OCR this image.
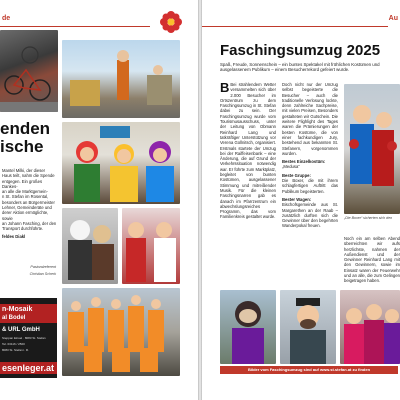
de
enden
ische
Mantel Milki, der dieser
Haus teilt, nahm die Spende
entgegen. Ein großes Dankes-
an alle die Marktgemein-
n St. Stefan im Rosental,
besonders an Bürgermeister
Lehner, Gemeinderäte und
derer Aktion ermöglichte, sowie
an Johann Fasching, der den
Transport durchführte.
feldes Diakl
Pastoralreferent
Christian Scherk
n-Mosaik
al Bodel
& URL GmbH
Steppan Einsel · 8083 St. Stefan
Tel. 03116 / 2500
8083 St. Stefan i. R.
esenleger.at
Au
Faschingsumzug 2025
Spaß, Freude, Sonnenschein – ein buntes Spektakel mit fröhlichen Kostümen und ausgelassenem Publikum – einem Besucherrekord gefeiert wurde.
B Bei strahlendem Wetter versammelten sich über 2.000 Besucher im Ortszentrum zu dem Faschingsumzug in St. Stefan dabei zu sein. Der Faschingsumzug wurde vom Tourismusausschuss, unter der Leitung von Obmann Reinhard Lang und tatkräftiger Unterstützung vor Verena Gollnitsch, organisiert. Erstmals startete der Umzug bei der Raiffeisenbank – eine Änderung, die auf Grund der Verkehrssituation notwendig war. Er führte zum Marktplatz, begleitet von bunten Kostümen, ausgelassener Stimmung und mitreißender Musik. Für die kleinen Faschingsnarren gab es danach im Pfarrzentrum ein abwechslungsreiches Programm, das vom Familienkreis gestaltet wurde.
Doch nicht nur der Umzug selbst begeisterte die Besucher – auch die traditionelle Verlosung lockte, denn zahlreiche Sachpreise, mit vielen Preisen, Besonders gestalteten wir Gutschein. Die weitere Flighlight des Tages waren die Prämierungen der besten Kostüme, die von einer fachkundigen Jury, bestehend aus bekannten St. Stefanern, vorgenommen wurden.
Bestes Einzelkostüm:
„Medusa“
Beste Gruppe:
Die Boxer, die mit ihrem schlagfertigen Auftritt das Publikum begeisterten.
Bester Wagen:
Bischofsgemeinde aus St. Margarethen an der Raab – zusätzlich durften sich die Gewinner über den begehrten Wanderpokal freuen.
„Die Boxer“ sicherten sich den
Noch ein am selben Abend überreichten wir aufs herzlichste, nahmen der Außendienst und der Gewinner Reinhard Lang mit den Gewinnern, sowie im Einsatz waren der Feuerwehr und an alle, die zum Gelingen beigetragen haben.
Bilder vom Faschingsumzug sind auf www.st.stefan.at zu finden
